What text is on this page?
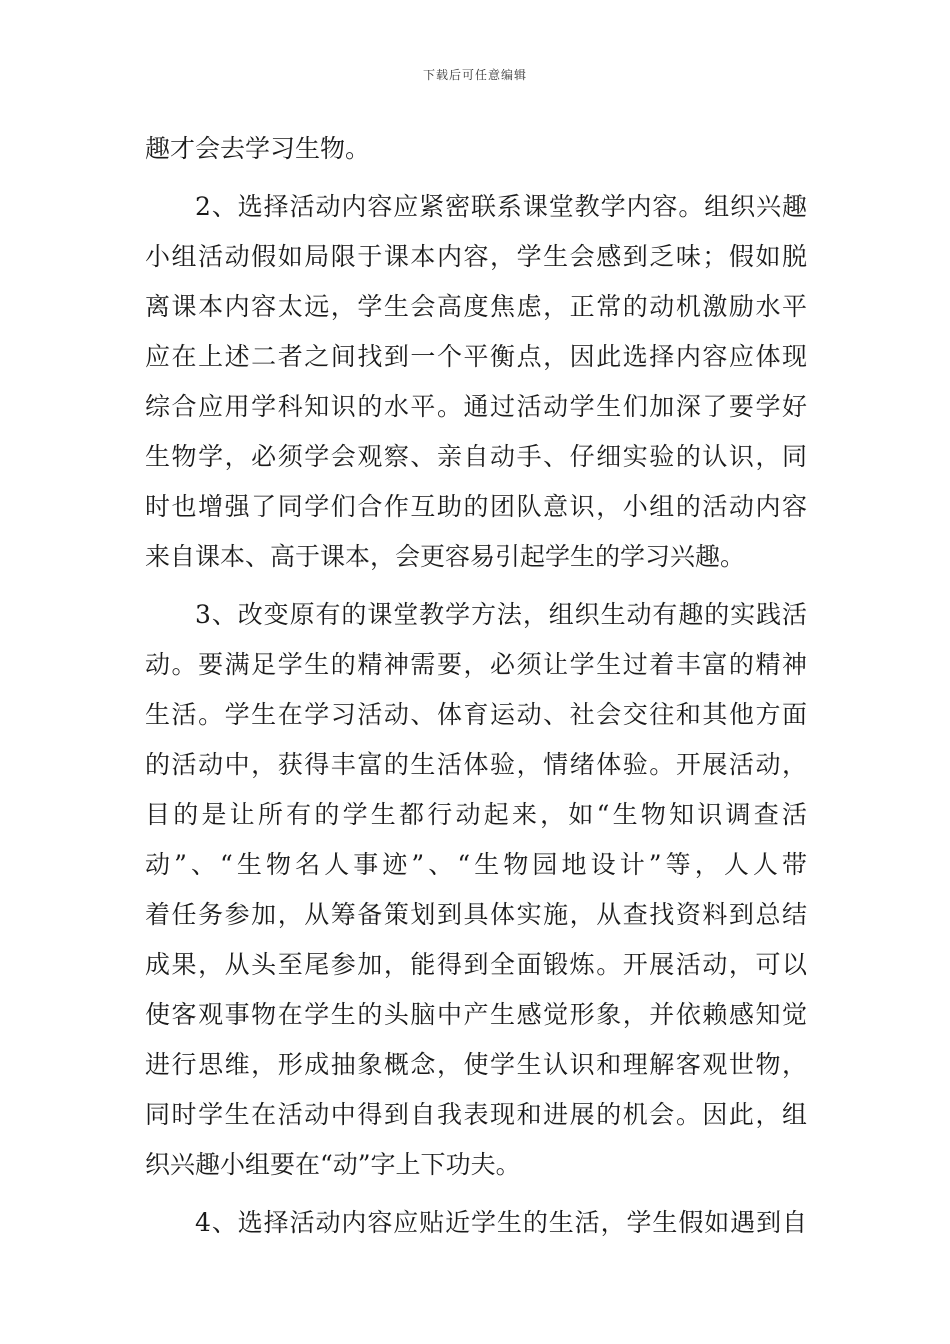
下载后可任意编辑
趣才会去学习生物。
2、选择活动内容应紧密联系课堂教学内容。组织兴趣
小组活动假如局限于课本内容，学生会感到乏味；假如脱
离课本内容太远，学生会高度焦虑，正常的动机激励水平
应在上述二者之间找到一个平衡点，因此选择内容应体现
综合应用学科知识的水平。通过活动学生们加深了要学好
生物学，必须学会观察、亲自动手、仔细实验的认识，同
时也增强了同学们合作互助的团队意识，小组的活动内容
来自课本、高于课本，会更容易引起学生的学习兴趣。
3、改变原有的课堂教学方法，组织生动有趣的实践活
动。要满足学生的精神需要，必须让学生过着丰富的精神
生活。学生在学习活动、体育运动、社会交往和其他方面
的活动中，获得丰富的生活体验，情绪体验。开展活动，
目的是让所有的学生都行动起来，如“生物知识调查活
动”、“生物名人事迹”、“生物园地设计”等，人人带
着任务参加，从筹备策划到具体实施，从查找资料到总结
成果，从头至尾参加，能得到全面锻炼。开展活动，可以
使客观事物在学生的头脑中产生感觉形象，并依赖感知觉
进行思维，形成抽象概念，使学生认识和理解客观世物，
同时学生在活动中得到自我表现和进展的机会。因此，组
织兴趣小组要在“动”字上下功夫。
4、选择活动内容应贴近学生的生活，学生假如遇到自
